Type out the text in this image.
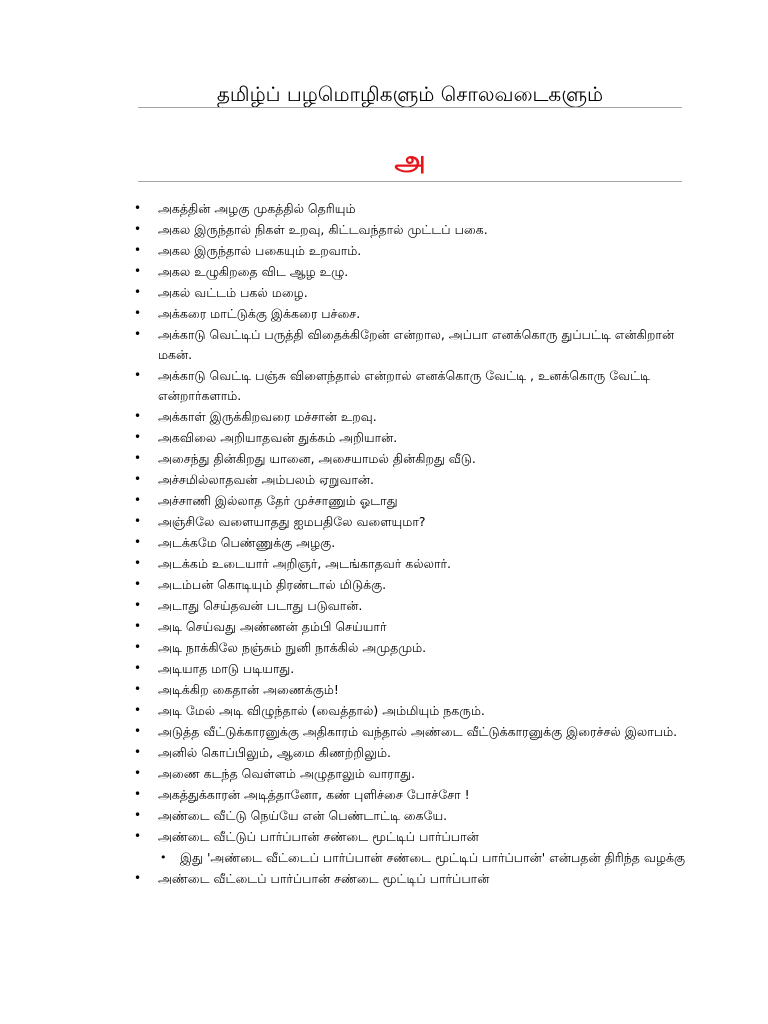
தமிழ்ப் பழமொழிகளும் சொலவடைகளும்
அ
• அகத்தின் அழகு முகத்தில் தெரியும்
• அகல இருந்தால் நிகள் உறவு, கிட்டவந்தால் முட்டப் பகை.
• அகல இருந்தால் பகையும் உறவாம்.
• அகல உழுகிறதை விட ஆழ உழு.
• அகல் வட்டம் பகல் மழை.
• அக்கரை மாட்டுக்கு இக்கரை பச்சை.
• அக்காடு வெட்டிப் பருத்தி விதைக்கிறேன் என்றால, அப்பா எனக்கொரு துப்பட்டி என்கிறான் மகன்.
• அக்காடு வெட்டி பஞ்சு விளைந்தால் என்றால் எனக்கொரு வேட்டி , உனக்கொரு வேட்டி என்றார்களாம்.
• அக்காள் இருக்கிறவரை மச்சான் உறவு.
• அகவிலை அறியாதவன் துக்கம் அறியான்.
• அசைந்து தின்கிறது யானை, அசையாமல் தின்கிறது வீடு.
• அச்சமில்லாதவன் அம்பலம் ஏறுவான்.
• அச்சாணி இல்லாத தேர் முச்சாணும் ஓடாது
• அஞ்சிலே வளையாதது ஐமபதிலே வளையுமா?
• அடக்கமே பெண்ணுக்கு அழகு.
• அடக்கம் உடையார் அறிஞர், அடங்காதவர் கல்லார்.
• அடம்பன் கொடியும் திரண்டால் மிடுக்கு.
• அடாது செய்தவன் படாது படுவான்.
• அடி செய்வது அண்ணன் தம்பி செய்யார்
• அடி நாக்கிலே நஞ்சும் நுனி நாக்கில் அமுதமும்.
• அடியாத மாடு படியாது.
• அடிக்கிற கைதான் அணைக்கும்!
• அடி மேல் அடி விழுந்தால் (வைத்தால்) அம்மியும் நகரும்.
• அடுத்த வீட்டுக்காரனுக்கு அதிகாரம் வந்தால் அண்டை வீட்டுக்காரனுக்கு இரைச்சல் இலாபம்.
• அனில் கொப்பிலும், ஆமை கிணற்றிலும்.
• அணை கடந்த வெள்ளம் அழுதாலும் வாராது.
• அகத்துக்காரன் அடித்தானோ, கண் புளிச்சை போச்சோ !
• அண்டை வீட்டு நெய்யே என் பெண்டாட்டி கையே.
• அண்டை வீட்டுப் பார்ப்பான் சண்டை மூட்டிப் பார்ப்பான்
• இது 'அண்டை வீட்டைப் பார்ப்பான் சண்டை மூட்டிப் பார்ப்பான்' என்பதன் திரிந்த வழக்கு
• அண்டை வீட்டைப் பார்ப்பான் சண்டை மூட்டிப் பார்ப்பான்
